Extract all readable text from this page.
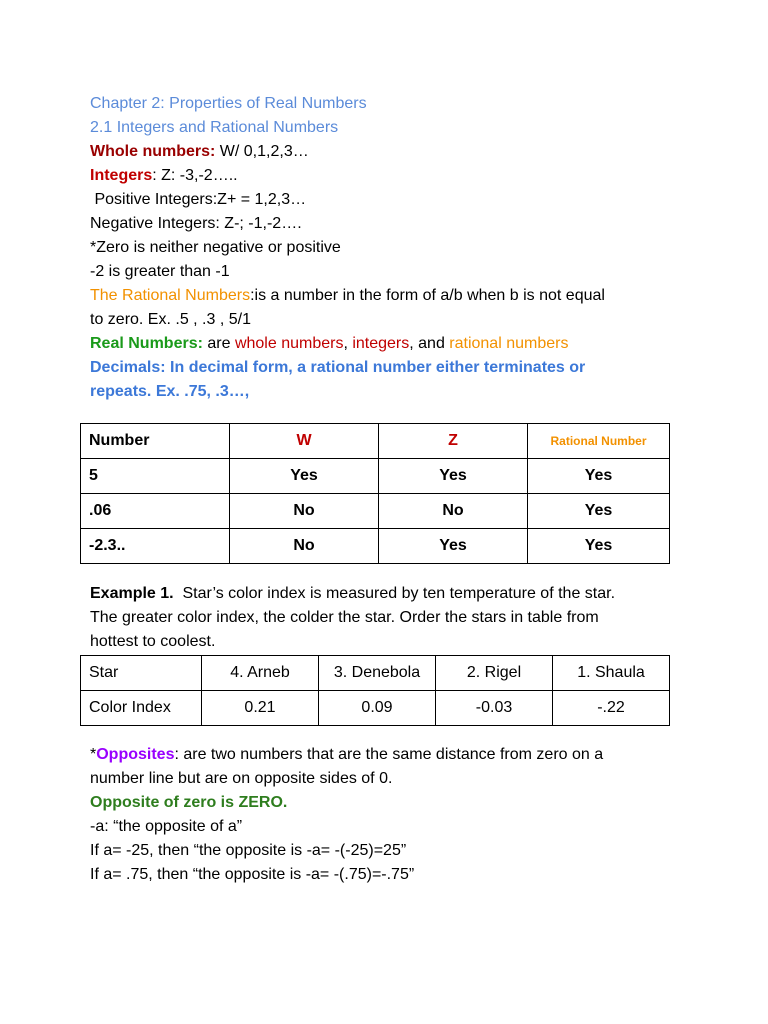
Chapter 2: Properties of Real Numbers
2.1 Integers and Rational Numbers
Whole numbers: W/ 0,1,2,3…
Integers: Z: -3,-2…..
Positive Integers:Z+ = 1,2,3…
Negative Integers: Z-; -1,-2….
*Zero is neither negative or positive
-2 is greater than -1
The Rational Numbers:is a number in the form of a/b when b is not equal
to zero. Ex. .5 , .3 , 5/1
Real Numbers: are whole numbers, integers, and rational numbers
Decimals: In decimal form, a rational number either terminates or
repeats. Ex. .75, .3…,
Number	W	Z	Rational Number
5	Yes	Yes	Yes
.06	No	No	Yes
-2.3..	No	Yes	Yes
Example 1.  Star’s color index is measured by ten temperature of the star.
The greater color index, the colder the star. Order the stars in table from
hottest to coolest.
Star	4. Arneb	3. Denebola	2. Rigel	1. Shaula
Color Index	0.21	0.09	-0.03	-.22
*Opposites: are two numbers that are the same distance from zero on a
number line but are on opposite sides of 0.
Opposite of zero is ZERO.
-a: “the opposite of a”
If a= -25, then “the opposite is -a= -(-25)=25”
If a= .75, then “the opposite is -a= -(.75)=-.75”
